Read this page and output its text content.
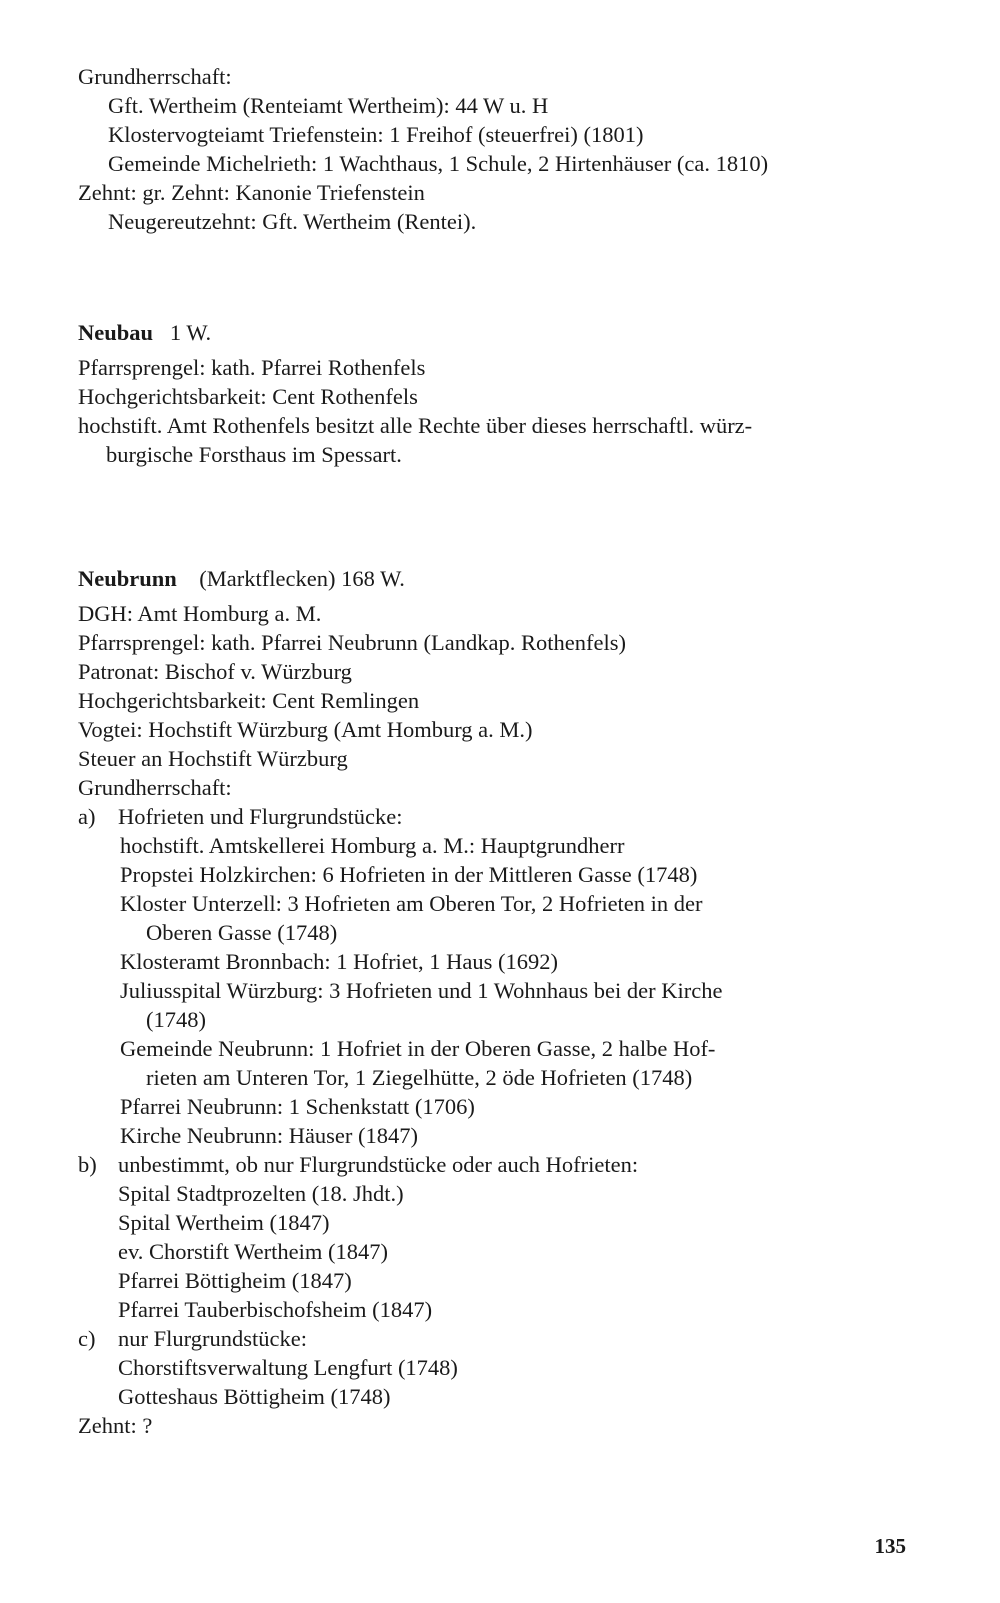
Grundherrschaft:
Gft. Wertheim (Renteiamt Wertheim): 44 W u. H
Klostervogteiamt Triefenstein: 1 Freihof (steuerfrei) (1801)
Gemeinde Michelrieth: 1 Wachthaus, 1 Schule, 2 Hirtenhäuser (ca. 1810)
Zehnt: gr. Zehnt: Kanonie Triefenstein
Neugereutzehnt: Gft. Wertheim (Rentei).
Neubau 1 W.
Pfarrsprengel: kath. Pfarrei Rothenfels
Hochgerichtsbarkeit: Cent Rothenfels
hochstift. Amt Rothenfels besitzt alle Rechte über dieses herrschaftl. würz-
burgische Forsthaus im Spessart.
Neubrunn (Marktflecken) 168 W.
DGH: Amt Homburg a. M.
Pfarrsprengel: kath. Pfarrei Neubrunn (Landkap. Rothenfels)
Patronat: Bischof v. Würzburg
Hochgerichtsbarkeit: Cent Remlingen
Vogtei: Hochstift Würzburg (Amt Homburg a. M.)
Steuer an Hochstift Würzburg
Grundherrschaft:
a) Hofrieten und Flurgrundstücke:
hochstift. Amtskellerei Homburg a. M.: Hauptgrundherr
Propstei Holzkirchen: 6 Hofrieten in der Mittleren Gasse (1748)
Kloster Unterzell: 3 Hofrieten am Oberen Tor, 2 Hofrieten in der
Oberen Gasse (1748)
Klosteramt Bronnbach: 1 Hofriet, 1 Haus (1692)
Juliusspital Würzburg: 3 Hofrieten und 1 Wohnhaus bei der Kirche
(1748)
Gemeinde Neubrunn: 1 Hofriet in der Oberen Gasse, 2 halbe Hof-
rieten am Unteren Tor, 1 Ziegelhütte, 2 öde Hofrieten (1748)
Pfarrei Neubrunn: 1 Schenkstatt (1706)
Kirche Neubrunn: Häuser (1847)
b) unbestimmt, ob nur Flurgrundstücke oder auch Hofrieten:
Spital Stadtprozelten (18. Jhdt.)
Spital Wertheim (1847)
ev. Chorstift Wertheim (1847)
Pfarrei Böttigheim (1847)
Pfarrei Tauberbischofsheim (1847)
c) nur Flurgrundstücke:
Chorstiftsverwaltung Lengfurt (1748)
Gotteshaus Böttigheim (1748)
Zehnt: ?
135
